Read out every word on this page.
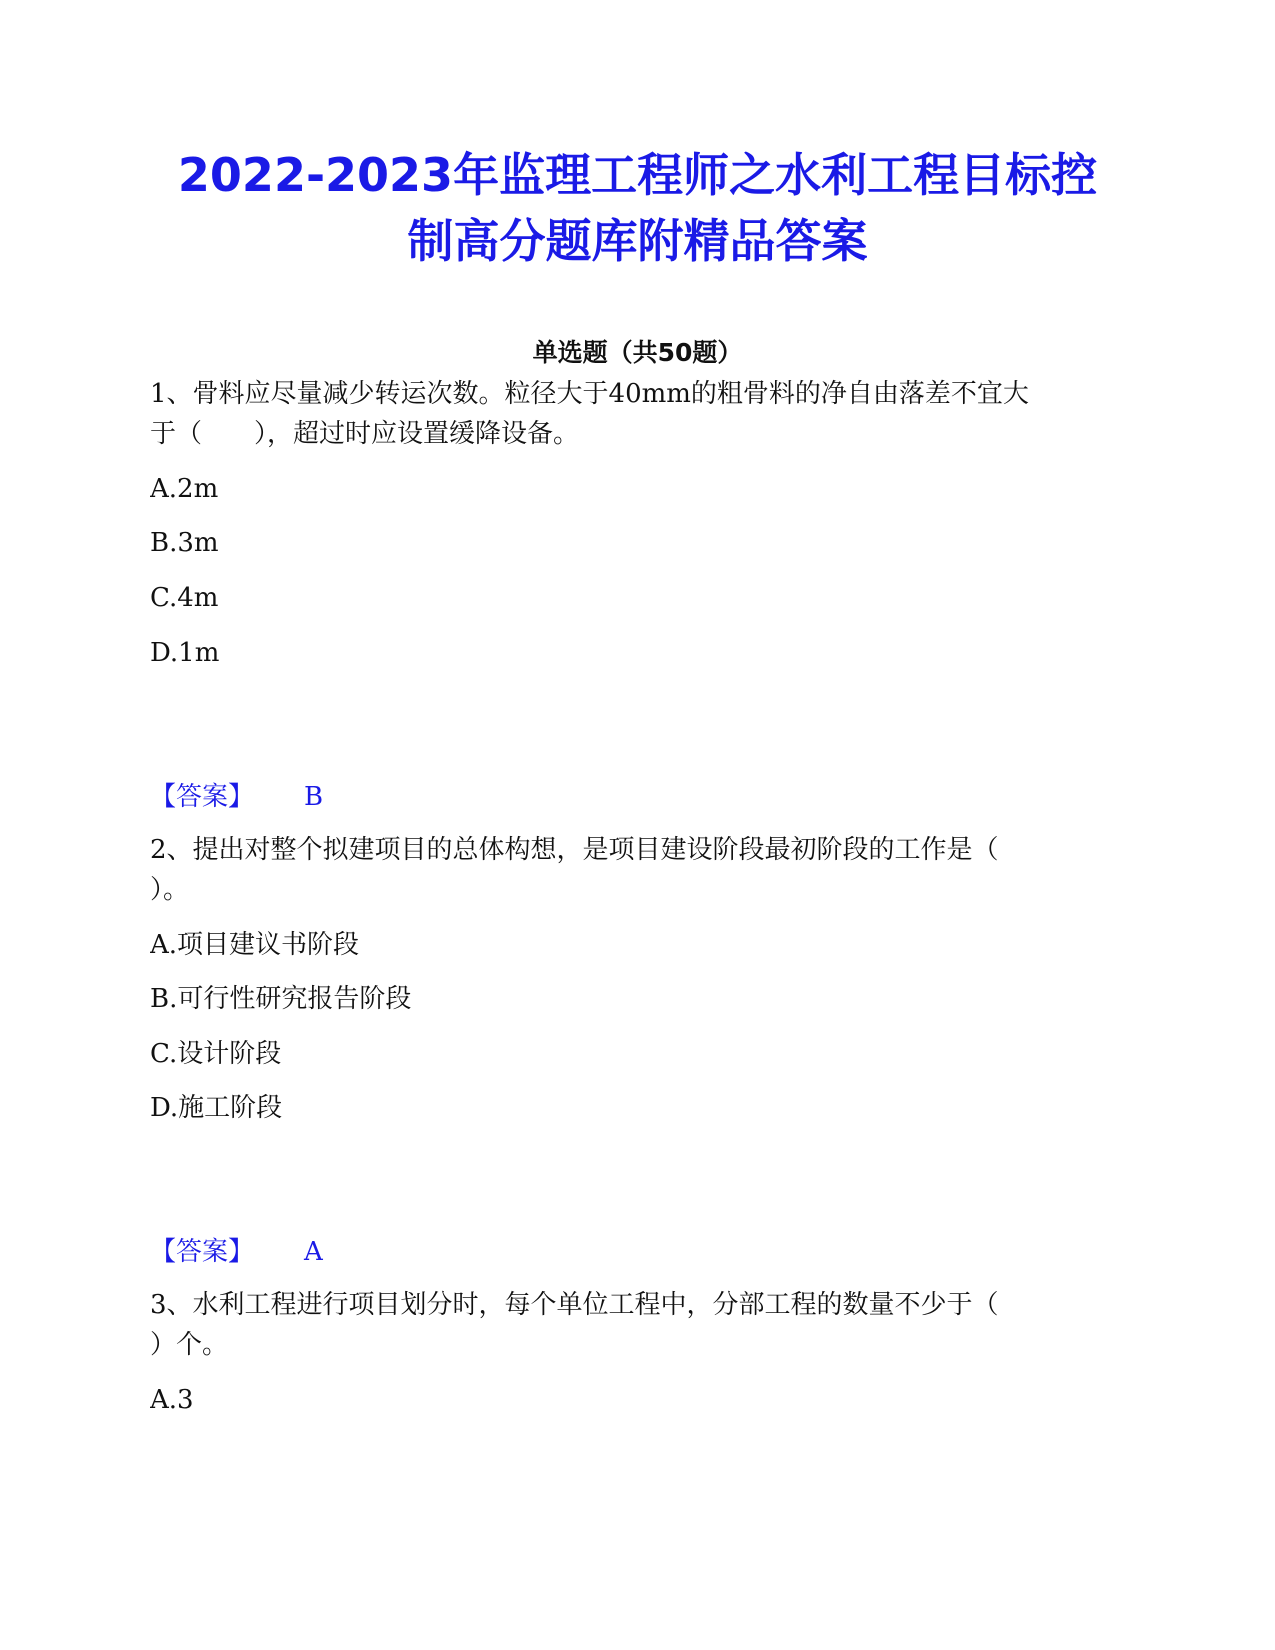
2022-2023年监理工程师之水利工程目标控
制高分题库附精品答案
单选题（共50题）
1、骨料应尽量减少转运次数。粒径大于40mm的粗骨料的净自由落差不宜大
于（　　），超过时应设置缓降设备。
A.2m
B.3m
C.4m
D.1m
【答案】 B
2、提出对整个拟建项目的总体构想，是项目建设阶段最初阶段的工作是（
）。
A.项目建议书阶段
B.可行性研究报告阶段
C.设计阶段
D.施工阶段
【答案】 A
3、水利工程进行项目划分时，每个单位工程中，分部工程的数量不少于（
）个。
A.3
